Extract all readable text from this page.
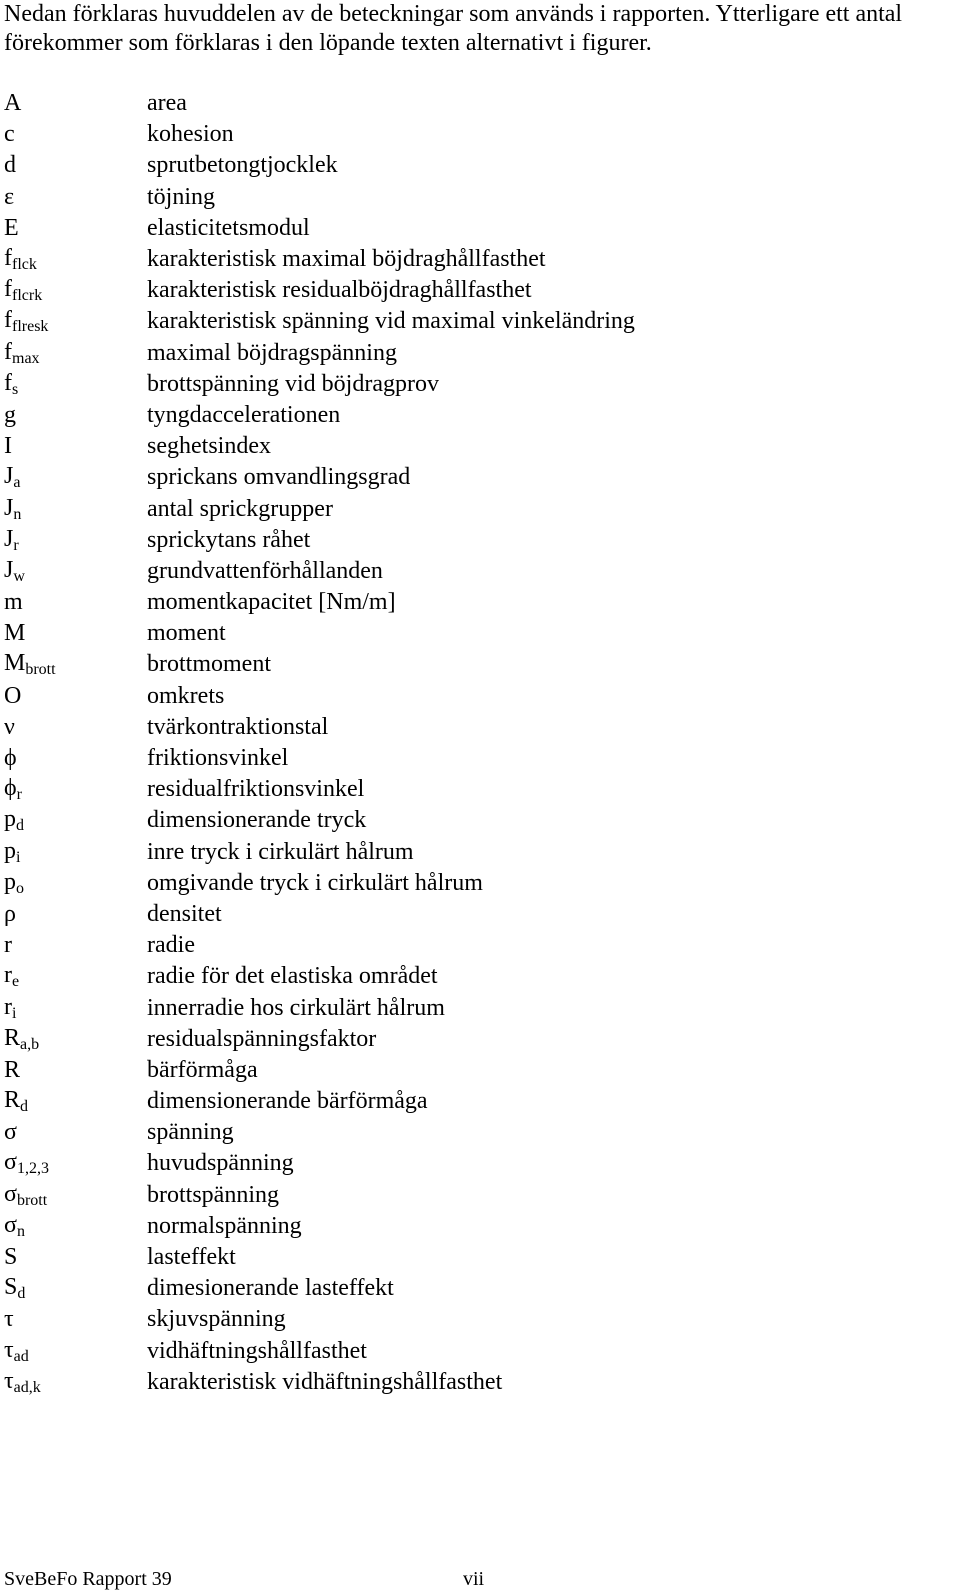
Nedan förklaras huvuddelen av de beteckningar som används i rapporten. Ytterligare ett antal förekommer som förklaras i den löpande texten alternativt i figurer.

A	area
c	kohesion
d	sprutbetongtjocklek
ε	töjning
E	elasticitetsmodul
$f_{flck}$	karakteristisk maximal böjdraghållfasthet
$f_{flcrk}$	karakteristisk residualböjdraghållfasthet
$f_{flresk}$	karakteristisk spänning vid maximal vinkeländring
$f_{max}$	maximal böjdragspänning
$f_s$	brottspänning vid böjdragprov
g	tyngdaccelerationen
I	seghetsindex
$J_a$	sprickans omvandlingsgrad
$J_n$	antal sprickgrupper
$J_r$	sprickytans råhet
$J_w$	grundvattenförhållanden
m	momentkapacitet [Nm/m]
M	moment
$M_{brott}$	brottmoment
O	omkrets
ν	tvärkontraktionstal
ϕ	friktionsvinkel
$\phi_r$	residualfriktionsvinkel
$p_d$	dimensionerande tryck
$p_i$	inre tryck i cirkulärt hålrum
$p_o$	omgivande tryck i cirkulärt hålrum
ρ	densitet
r	radie
$r_e$	radie för det elastiska området
$r_i$	innerradie hos cirkulärt hålrum
$R_{a,b}$	residualspänningsfaktor
R	bärförmåga
$R_d$	dimensionerande bärförmåga
σ	spänning
$\sigma_{1,2,3}$	huvudspänning
$\sigma_{brott}$	brottspänning
$\sigma_n$	normalspänning
S	lasteffekt
$S_d$	dimesionerande lasteffekt
τ	skjuvspänning
$\tau_{ad}$	vidhäftningshållfasthet
$\tau_{ad,k}$	karakteristisk vidhäftningshållfasthet
SveBeFo Rapport 39	vii
